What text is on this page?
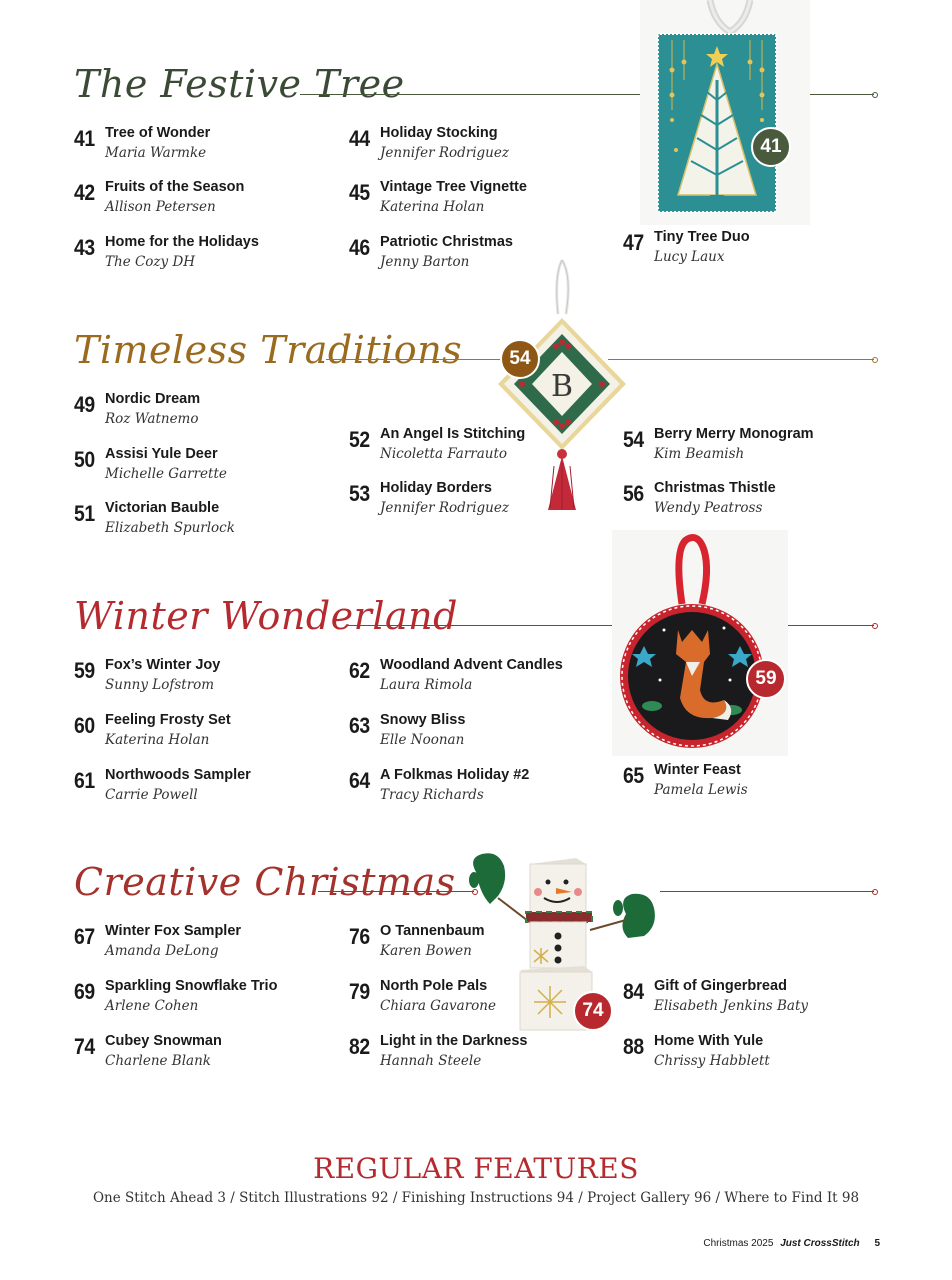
The Festive Tree
41 Tree of Wonder
Maria Warmke
42 Fruits of the Season
Allison Petersen
43 Home for the Holidays
The Cozy DH
44 Holiday Stocking
Jennifer Rodriguez
45 Vintage Tree Vignette
Katerina Holan
46 Patriotic Christmas
Jenny Barton
47 Tiny Tree Duo
Lucy Laux
41
Timeless Traditions
49 Nordic Dream
Roz Watnemo
50 Assisi Yule Deer
Michelle Garrette
51 Victorian Bauble
Elizabeth Spurlock
52 An Angel Is Stitching
Nicoletta Farrauto
53 Holiday Borders
Jennifer Rodriguez
54 Berry Merry Monogram
Kim Beamish
56 Christmas Thistle
Wendy Peatross
B
54
Winter Wonderland
59 Fox’s Winter Joy
Sunny Lofstrom
60 Feeling Frosty Set
Katerina Holan
61 Northwoods Sampler
Carrie Powell
62 Woodland Advent Candles
Laura Rimola
63 Snowy Bliss
Elle Noonan
64 A Folkmas Holiday #2
Tracy Richards
65 Winter Feast
Pamela Lewis
59
Creative Christmas
67 Winter Fox Sampler
Amanda DeLong
69 Sparkling Snowflake Trio
Arlene Cohen
74 Cubey Snowman
Charlene Blank
76 O Tannenbaum
Karen Bowen
79 North Pole Pals
Chiara Gavarone
82 Light in the Darkness
Hannah Steele
84 Gift of Gingerbread
Elisabeth Jenkins Baty
88 Home With Yule
Chrissy Habblett
74
REGULAR FEATURES
One Stitch Ahead 3 / Stitch Illustrations 92 / Finishing Instructions 94 / Project Gallery 96 / Where to Find It 98
Christmas 2025 Just CrossStitch 5
